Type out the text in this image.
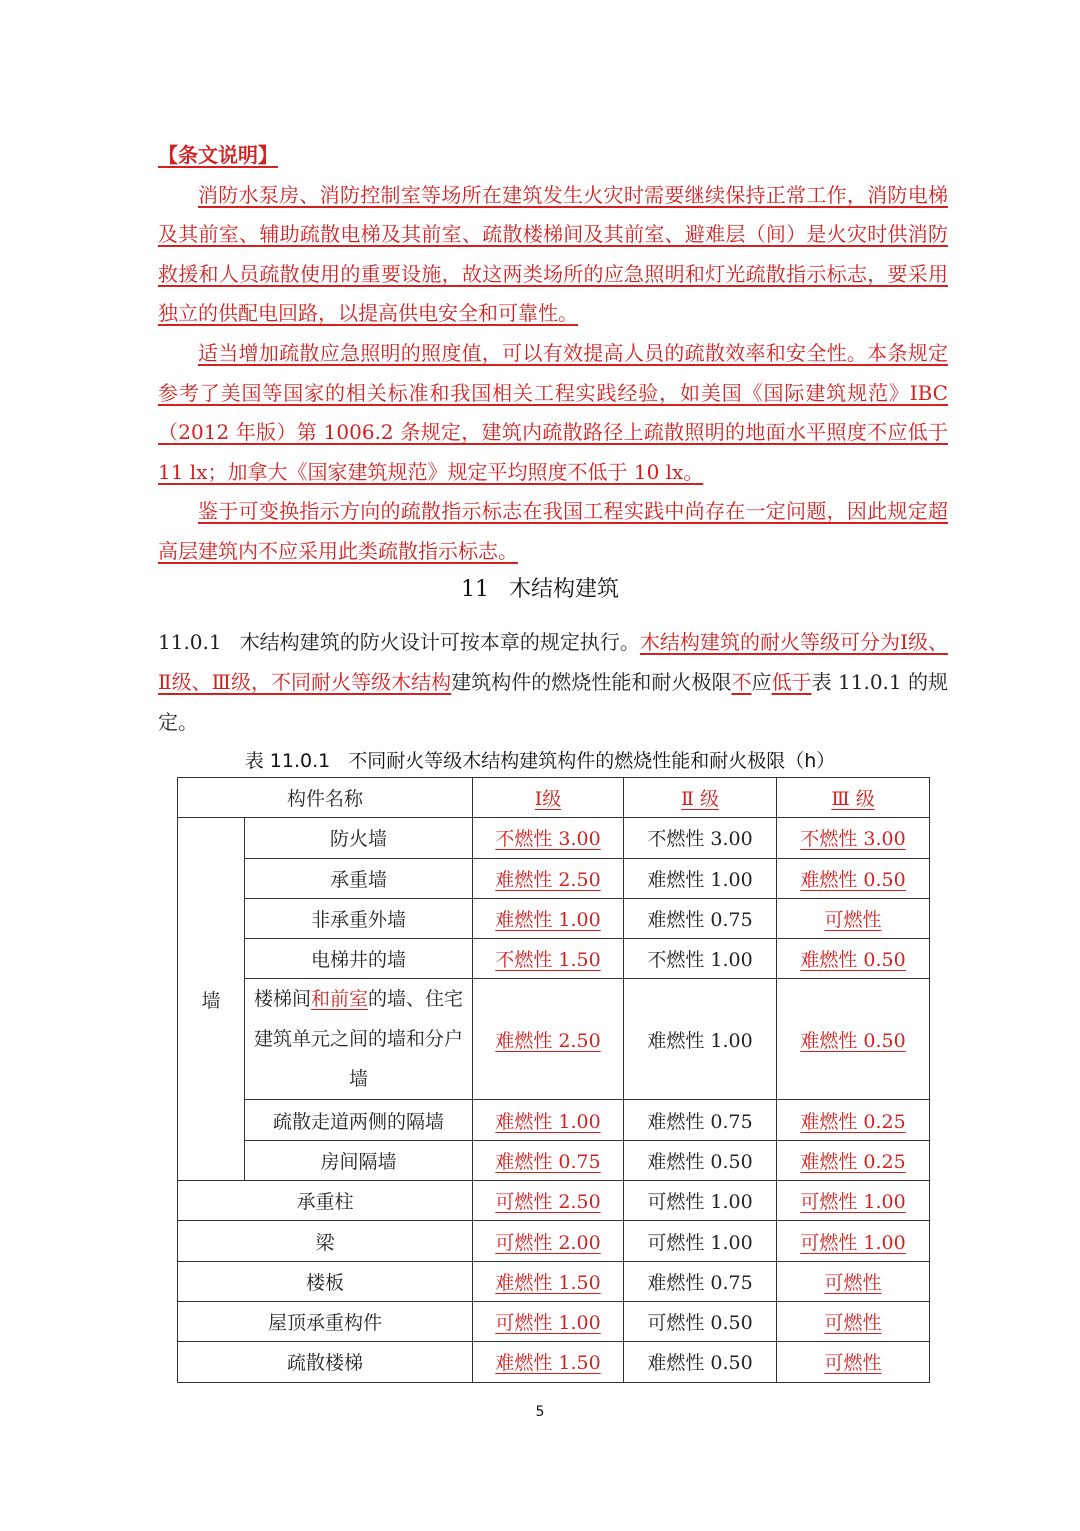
【条文说明】

消防水泵房、消防控制室等场所在建筑发生火灾时需要继续保持正常工作，消防电梯及其前室、辅助疏散电梯及其前室、疏散楼梯间及其前室、避难层（间）是火灾时供消防救援和人员疏散使用的重要设施，故这两类场所的应急照明和灯光疏散指示标志，要采用独立的供配电回路，以提高供电安全和可靠性。

适当增加疏散应急照明的照度值，可以有效提高人员的疏散效率和安全性。本条规定参考了美国等国家的相关标准和我国相关工程实践经验，如美国《国际建筑规范》IBC（2012 年版）第 1006.2 条规定，建筑内疏散路径上疏散照明的地面水平照度不应低于 11 lx；加拿大《国家建筑规范》规定平均照度不低于 10 lx。

鉴于可变换指示方向的疏散指示标志在我国工程实践中尚存在一定问题，因此规定超高层建筑内不应采用此类疏散指示标志。

11 木结构建筑
11.0.1 木结构建筑的防火设计可按本章的规定执行。木结构建筑的耐火等级可分为Ⅰ级、Ⅱ级、Ⅲ级，不同耐火等级木结构建筑构件的燃烧性能和耐火极限不应低于表 11.0.1 的规定。
表 11.0.1 不同耐火等级木结构建筑构件的燃烧性能和耐火极限（h）
构件名称		Ⅰ级	Ⅱ 级	Ⅲ 级
墙	防火墙	不燃性 3.00	不燃性 3.00	不燃性 3.00
	承重墙	难燃性 2.50	难燃性 1.00	难燃性 0.50
	非承重外墙	难燃性 1.00	难燃性 0.75	可燃性
	电梯井的墙	不燃性 1.50	不燃性 1.00	难燃性 0.50
	楼梯间和前室的墙、住宅建筑单元之间的墙和分户墙	难燃性 2.50	难燃性 1.00	难燃性 0.50
	疏散走道两侧的隔墙	难燃性 1.00	难燃性 0.75	难燃性 0.25
	房间隔墙	难燃性 0.75	难燃性 0.50	难燃性 0.25
承重柱		可燃性 2.50	可燃性 1.00	可燃性 1.00
梁		可燃性 2.00	可燃性 1.00	可燃性 1.00
楼板		难燃性 1.50	难燃性 0.75	可燃性
屋顶承重构件		可燃性 1.00	可燃性 0.50	可燃性
疏散楼梯		难燃性 1.50	难燃性 0.50	可燃性
5
